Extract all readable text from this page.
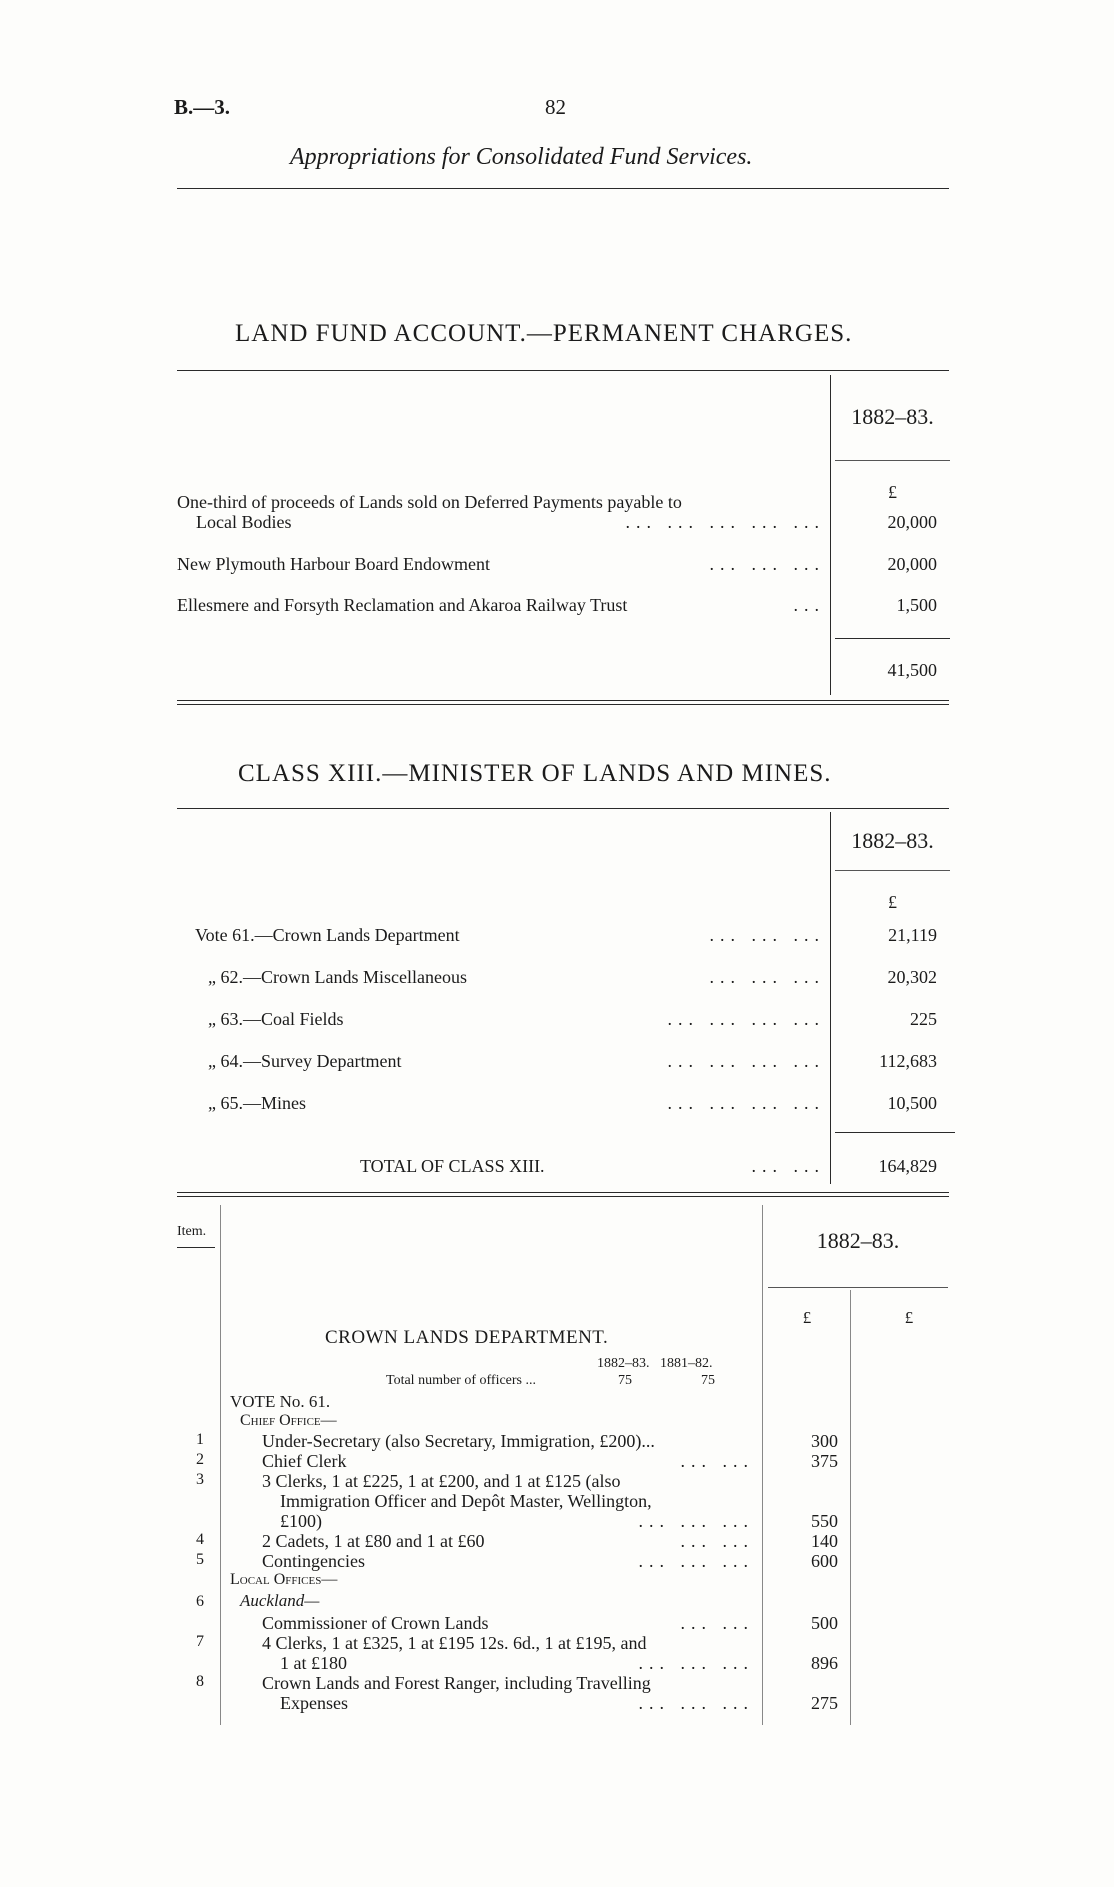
B.—3.	82
Appropriations for Consolidated Fund Services.
LAND FUND ACCOUNT.—PERMANENT CHARGES.
1882–83.
£
One-third of proceeds of Lands sold on Deferred Payments payable to
Local Bodies	... ... ... ... ...	20,000
New Plymouth Harbour Board Endowment	... ... ...	20,000
Ellesmere and Forsyth Reclamation and Akaroa Railway Trust	...	1,500
41,500
CLASS XIII.—MINISTER OF LANDS AND MINES.
1882–83.
£
Vote 61.—Crown Lands Department	... ... ...	21,119
„ 62.—Crown Lands Miscellaneous	... ... ...	20,302
„ 63.—Coal Fields	... ... ... ...	225
„ 64.—Survey Department	... ... ... ...	112,683
„ 65.—Mines	... ... ... ...	10,500
TOTAL OF CLASS XIII.	... ...	164,829
Item.	1882–83.
£	£
CROWN LANDS DEPARTMENT.
1882–83.   1881–82.
Total number of officers ...	75	75
VOTE No. 61.
Chief Office—
1	Under-Secretary (also Secretary, Immigration, £200)...	300
2	Chief Clerk	... ...	375
3	3 Clerks, 1 at £225, 1 at £200, and 1 at £125 (also
Immigration Officer and Depôt Master, Wellington,
£100)	... ... ...	550
4	2 Cadets, 1 at £80 and 1 at £60	... ...	140
5	Contingencies	... ... ...	600
Local Offices—
6 Auckland—
Commissioner of Crown Lands	... ...	500
7	4 Clerks, 1 at £325, 1 at £195 12s. 6d., 1 at £195, and
1 at £180	... ... ...	896
8	Crown Lands and Forest Ranger, including Travelling
Expenses	... ... ...	275
